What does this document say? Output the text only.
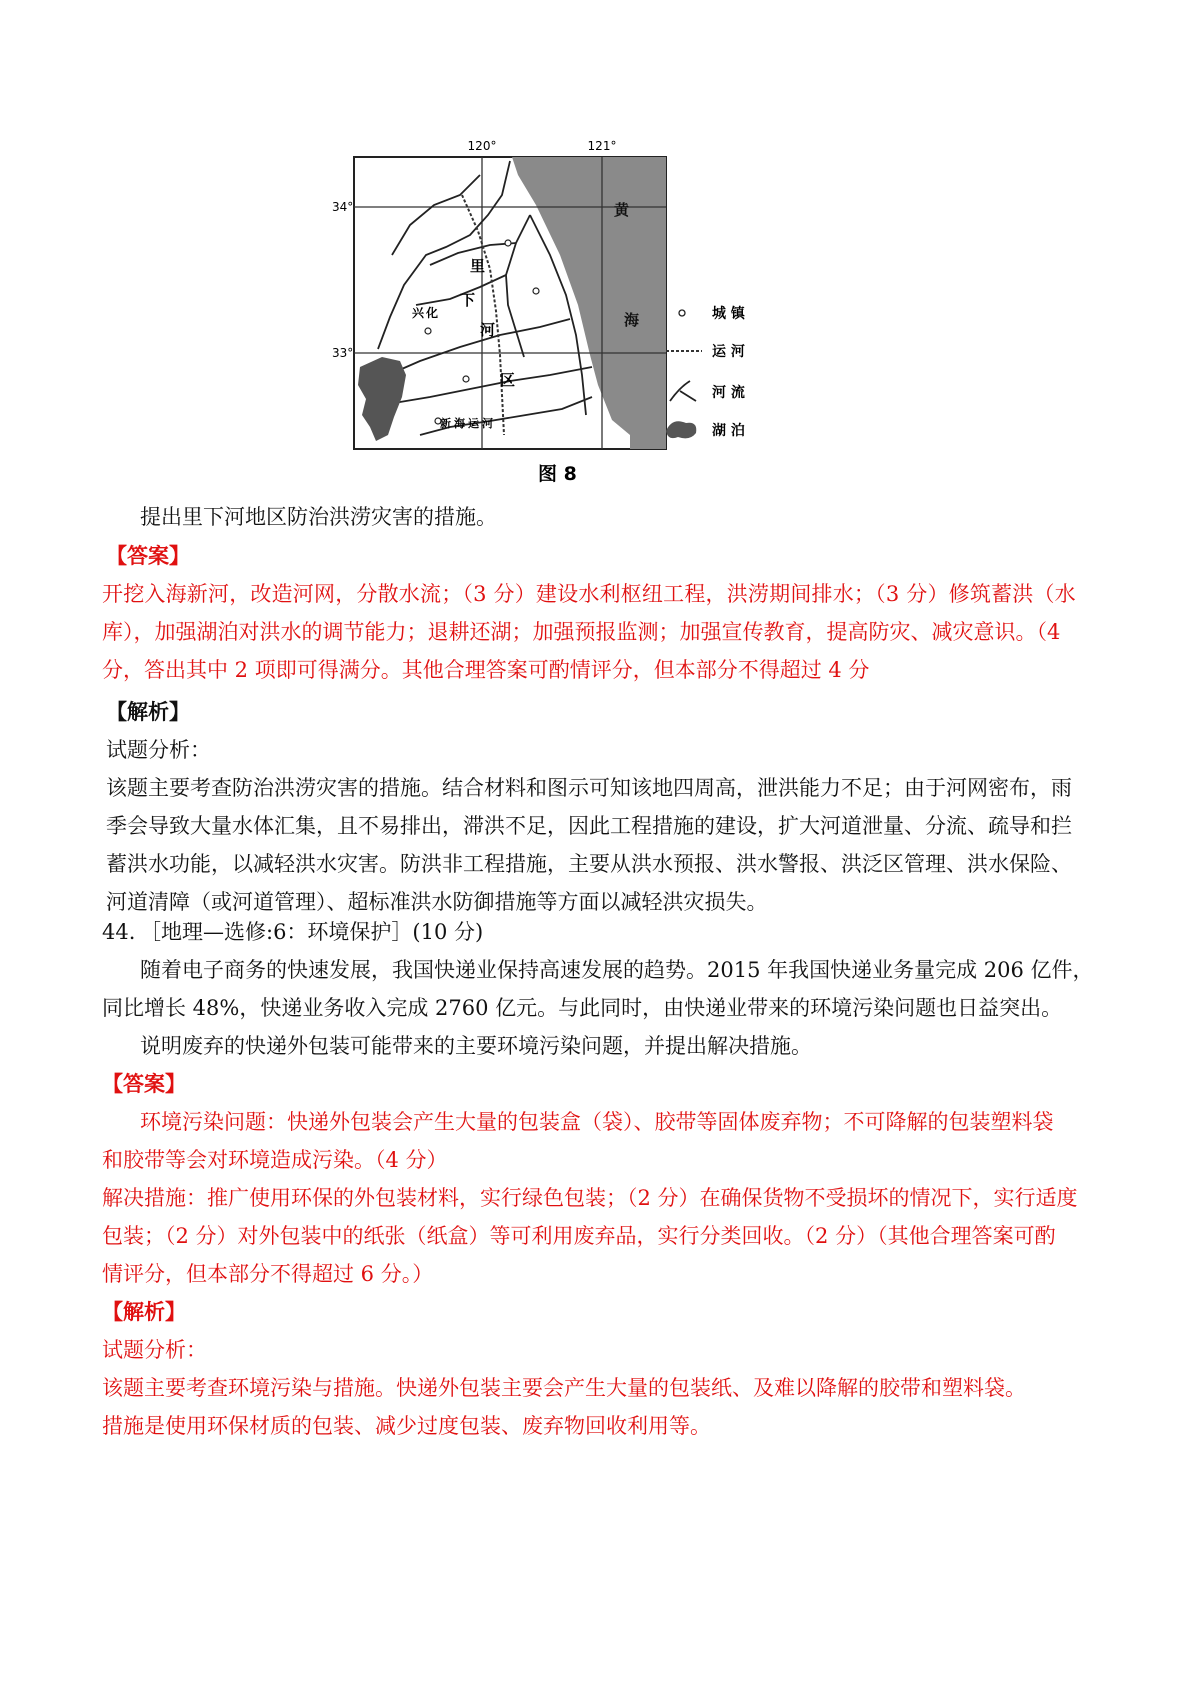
120°	121°
34°
33°
黄
海
里
下
河
区
兴 化
新 海 运 河
城 镇
运 河
河 流
湖 泊
图 8
提出里下河地区防治洪涝灾害的措施。
【答案】
开挖入海新河，改造河网，分散水流；（3 分）建设水利枢纽工程，洪涝期间排水；（3 分）修筑蓄洪（水
库），加强湖泊对洪水的调节能力；退耕还湖；加强预报监测；加强宣传教育，提高防灾、减灾意识。（4
分，答出其中 2 项即可得满分。其他合理答案可酌情评分，但本部分不得超过 4 分
【解析】
试题分析：
该题主要考查防治洪涝灾害的措施。结合材料和图示可知该地四周高，泄洪能力不足；由于河网密布，雨
季会导致大量水体汇集，且不易排出，滞洪不足，因此工程措施的建设，扩大河道泄量、分流、疏导和拦
蓄洪水功能，以减轻洪水灾害。防洪非工程措施，主要从洪水预报、洪水警报、洪泛区管理、洪水保险、
河道清障（或河道管理）、超标准洪水防御措施等方面以减轻洪灾损失。
44. ［地理—选修:6：环境保护］(10 分)
随着电子商务的快速发展，我国快递业保持高速发展的趋势。2015 年我国快递业务量完成 206 亿件，
同比增长 48%，快递业务收入完成 2760 亿元。与此同时，由快递业带来的环境污染问题也日益突出。
说明废弃的快递外包装可能带来的主要环境污染问题，并提出解决措施。
【答案】
环境污染问题：快递外包装会产生大量的包装盒（袋）、胶带等固体废弃物；不可降解的包装塑料袋
和胶带等会对环境造成污染。（4 分）
解决措施：推广使用环保的外包装材料，实行绿色包装；（2 分）在确保货物不受损坏的情况下，实行适度
包装；（2 分）对外包装中的纸张（纸盒）等可利用废弃品，实行分类回收。（2 分）（其他合理答案可酌
情评分，但本部分不得超过 6 分。）
【解析】
试题分析：
该题主要考查环境污染与措施。快递外包装主要会产生大量的包装纸、及难以降解的胶带和塑料袋。
措施是使用环保材质的包装、减少过度包装、废弃物回收利用等。
